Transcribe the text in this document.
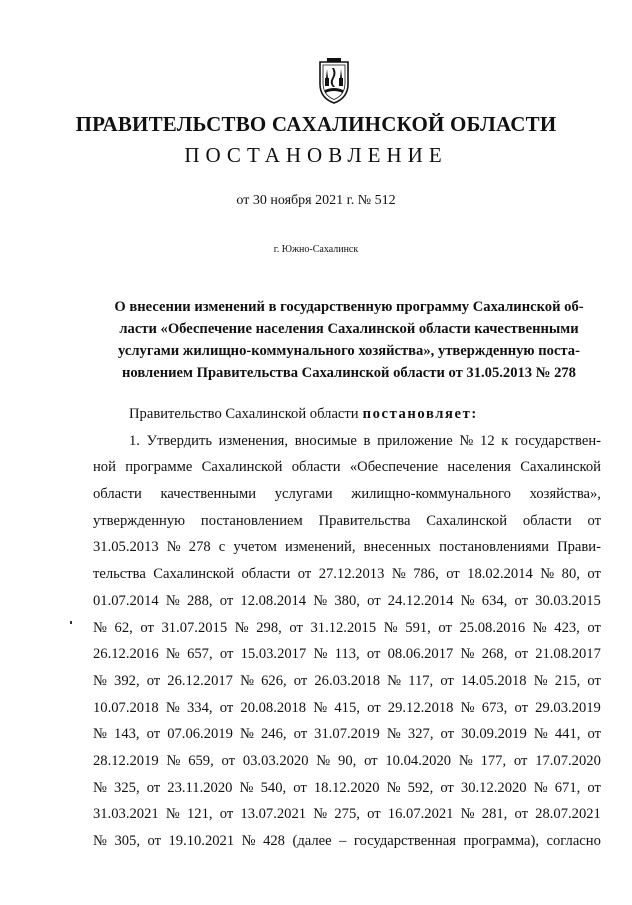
ПРАВИТЕЛЬСТВО САХАЛИНСКОЙ ОБЛАСТИ
ПОСТАНОВЛЕНИЕ
от 30 ноября 2021 г. № 512
г. Южно-Сахалинск
О внесении изменений в государственную программу Сахалинской об-
ласти «Обеспечение населения Сахалинской области качественными
услугами жилищно-коммунального хозяйства», утвержденную поста-
новлением Правительства Сахалинской области от 31.05.2013 № 278
Правительство Сахалинской области постановляет:
1. Утвердить изменения, вносимые в приложение № 12 к государствен-
ной программе Сахалинской области «Обеспечение населения Сахалинской
области качественными услугами жилищно-коммунального хозяйства»,
утвержденную постановлением Правительства Сахалинской области от
31.05.2013 № 278 с учетом изменений, внесенных постановлениями Прави-
тельства Сахалинской области от 27.12.2013 № 786, от 18.02.2014 № 80, от
01.07.2014 № 288, от 12.08.2014 № 380, от 24.12.2014 № 634, от 30.03.2015
№ 62, от 31.07.2015 № 298, от 31.12.2015 № 591, от 25.08.2016 № 423, от
26.12.2016 № 657, от 15.03.2017 № 113, от 08.06.2017 № 268, от 21.08.2017
№ 392, от 26.12.2017 № 626, от 26.03.2018 № 117, от 14.05.2018 № 215, от
10.07.2018 № 334, от 20.08.2018 № 415, от 29.12.2018 № 673, от 29.03.2019
№ 143, от 07.06.2019 № 246, от 31.07.2019 № 327, от 30.09.2019 № 441, от
28.12.2019 № 659, от 03.03.2020 № 90, от 10.04.2020 № 177, от 17.07.2020
№ 325, от 23.11.2020 № 540, от 18.12.2020 № 592, от 30.12.2020 № 671, от
31.03.2021 № 121, от 13.07.2021 № 275, от 16.07.2021 № 281, от 28.07.2021
№ 305, от 19.10.2021 № 428 (далее – государственная программа), согласно
